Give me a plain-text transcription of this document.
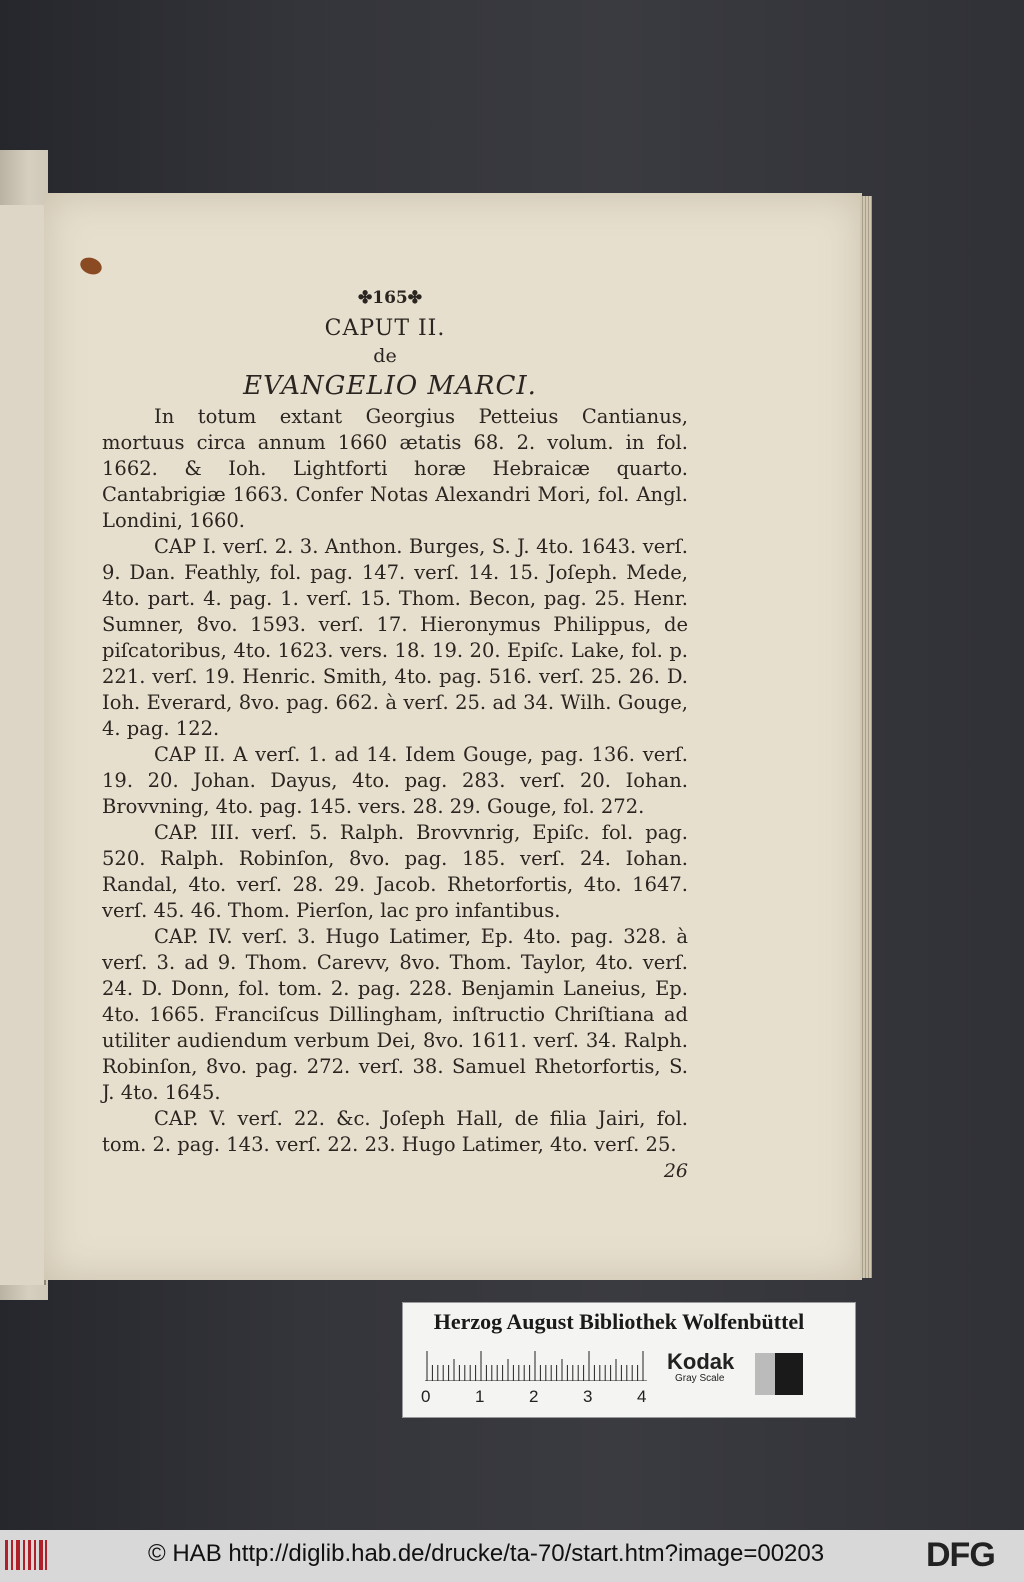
✤165✤
CAPUT II.
de
EVANGELIO MARCI.

In totum extant Georgius Petteius Cantianus, mortuus circa annum 1660 ætatis 68. 2. volum. in fol. 1662. & Ioh. Lightforti horæ Hebraicæ quarto. Cantabrigiæ 1663. Confer Notas Alexandri Mori, fol. Angl. Londini, 1660.

CAP I. verſ. 2. 3. Anthon. Burges, S. J. 4to. 1643. verſ. 9. Dan. Feathly, fol. pag. 147. verſ. 14. 15. Joſeph. Mede, 4to. part. 4. pag. 1. verſ. 15. Thom. Becon, pag. 25. Henr. Sumner, 8vo. 1593. verſ. 17. Hieronymus Philippus, de piſcatoribus, 4to. 1623. vers. 18. 19. 20. Epiſc. Lake, fol. p. 221. verſ. 19. Henric. Smith, 4to. pag. 516. verſ. 25. 26. D. Ioh. Everard, 8vo. pag. 662. à verſ. 25. ad 34. Wilh. Gouge, 4. pag. 122.

CAP II. A verſ. 1. ad 14. Idem Gouge, pag. 136. verſ. 19. 20. Johan. Dayus, 4to. pag. 283. verſ. 20. Iohan. Brovvning, 4to. pag. 145. vers. 28. 29. Gouge, fol. 272.

CAP. III. verſ. 5. Ralph. Brovvnrig, Epiſc. fol. pag. 520. Ralph. Robinſon, 8vo. pag. 185. verſ. 24. Iohan. Randal, 4to. verſ. 28. 29. Jacob. Rhetorfortis, 4to. 1647. verſ. 45. 46. Thom. Pierſon, lac pro infantibus.

CAP. IV. verſ. 3. Hugo Latimer, Ep. 4to. pag. 328. à verſ. 3. ad 9. Thom. Carevv, 8vo. Thom. Taylor, 4to. verſ. 24. D. Donn, fol. tom. 2. pag. 228. Benjamin Laneius, Ep. 4to. 1665. Franciſcus Dillingham, inſtructio Chriſtiana ad utiliter audiendum verbum Dei, 8vo. 1611. verſ. 34. Ralph. Robinſon, 8vo. pag. 272. verſ. 38. Samuel Rhetorfortis, S. J. 4to. 1645.

CAP. V. verſ. 22. &c. Joſeph Hall, de filia Jairi, fol. tom. 2. pag. 143. verſ. 22. 23. Hugo Latimer, 4to. verſ. 25.

26
Herzog August Bibliothek Wolfenbüttel
0	1	2	3	4
Kodak
Gray Scale
© HAB http://diglib.hab.de/drucke/ta-70/start.htm?image=00203	DFG
